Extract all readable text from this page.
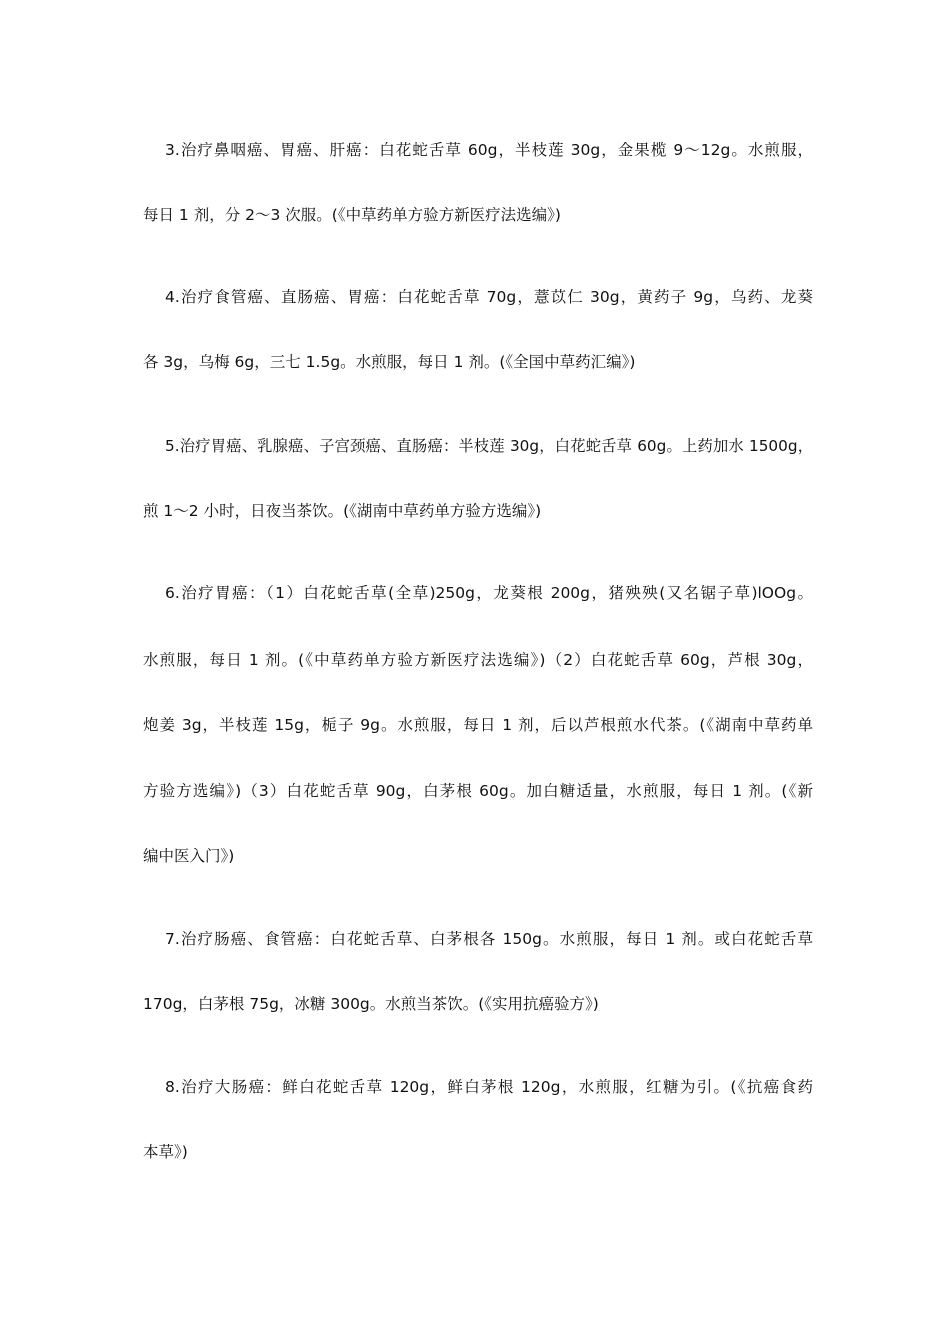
3.治疗鼻咽癌、胃癌、肝癌：白花蛇舌草 60g，半枝莲 30g，金果榄 9～12g。水煎服，

每日 1 剂，分 2～3 次服。(《中草药单方验方新医疗法选编》)

4.治疗食管癌、直肠癌、胃癌：白花蛇舌草 70g，薏苡仁 30g，黄药子 9g，乌药、龙葵

各 3g，乌梅 6g，三七 1.5g。水煎服，每日 1 剂。(《全国中草药汇编》)

5.治疗胃癌、乳腺癌、子宫颈癌、直肠癌：半枝莲 30g，白花蛇舌草 60g。上药加水 1500g，

煎 1～2 小时，日夜当茶饮。(《湖南中草药单方验方选编》)

6.治疗胃癌：（1）白花蛇舌草(全草)250g，龙葵根 200g，猪殃殃(又名锯子草)lOOg。

水煎服，每日 1 剂。(《中草药单方验方新医疗法选编》)（2）白花蛇舌草 60g，芦根 30g，

炮姜 3g，半枝莲 15g，栀子 9g。水煎服，每日 1 剂，后以芦根煎水代茶。(《湖南中草药单

方验方选编》)（3）白花蛇舌草 90g，白茅根 60g。加白糖适量，水煎服，每日 1 剂。(《新

编中医入门》)

7.治疗肠癌、食管癌：白花蛇舌草、白茅根各 150g。水煎服，每日 1 剂。或白花蛇舌草

170g，白茅根 75g，冰糖 300g。水煎当茶饮。(《实用抗癌验方》)

8.治疗大肠癌：鲜白花蛇舌草 120g，鲜白茅根 120g，水煎服，红糖为引。(《抗癌食药

本草》)
